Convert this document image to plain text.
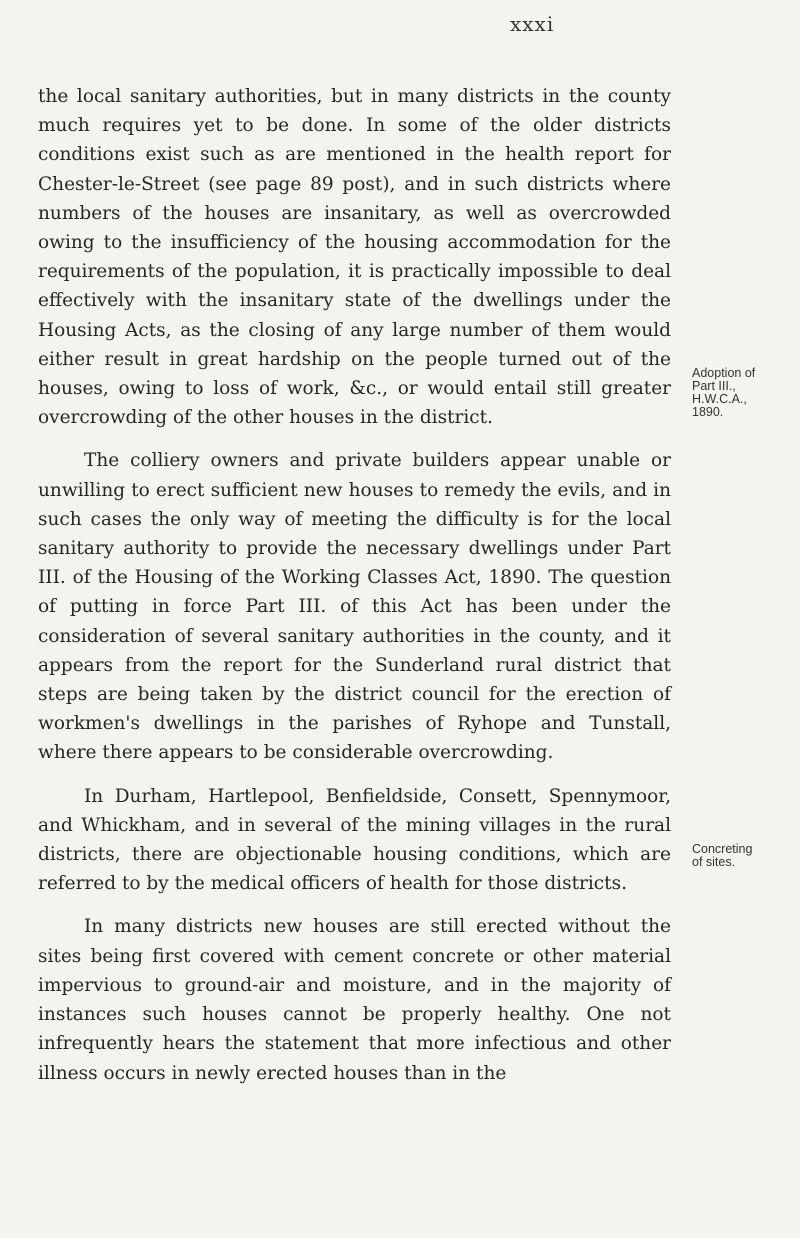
xxxi

the local sanitary authorities, but in many districts in the county much requires yet to be done. In some of the older districts conditions exist such as are mentioned in the health report for Chester-le-Street (see page 89 post), and in such districts where numbers of the houses are insanitary, as well as overcrowded owing to the insufficiency of the housing accommodation for the requirements of the population, it is practically impossible to deal effectively with the insanitary state of the dwellings under the Housing Acts, as the closing of any large number of them would either result in great hardship on the people turned out of the houses, owing to loss of work, &c., or would entail still greater overcrowding of the other houses in the district.

The colliery owners and private builders appear unable or unwilling to erect sufficient new houses to remedy the evils, and in such cases the only way of meeting the difficulty is for the local sanitary authority to provide the necessary dwellings under Part III. of the Housing of the Working Classes Act, 1890. The question of putting in force Part III. of this Act has been under the consideration of several sanitary authorities in the county, and it appears from the report for the Sunderland rural district that steps are being taken by the district council for the erection of workmen's dwellings in the parishes of Ryhope and Tunstall, where there appears to be considerable overcrowding.

In Durham, Hartlepool, Benfieldside, Consett, Spennymoor, and Whickham, and in several of the mining villages in the rural districts, there are objectionable housing conditions, which are referred to by the medical officers of health for those districts.

In many districts new houses are still erected without the sites being first covered with cement concrete or other material impervious to ground-air and moisture, and in the majority of instances such houses cannot be properly healthy. One not infrequently hears the statement that more infectious and other illness occurs in newly erected houses than in the

Adoption of
Part III.,
H.W.C.A.,
1890.
Concreting
of sites.
